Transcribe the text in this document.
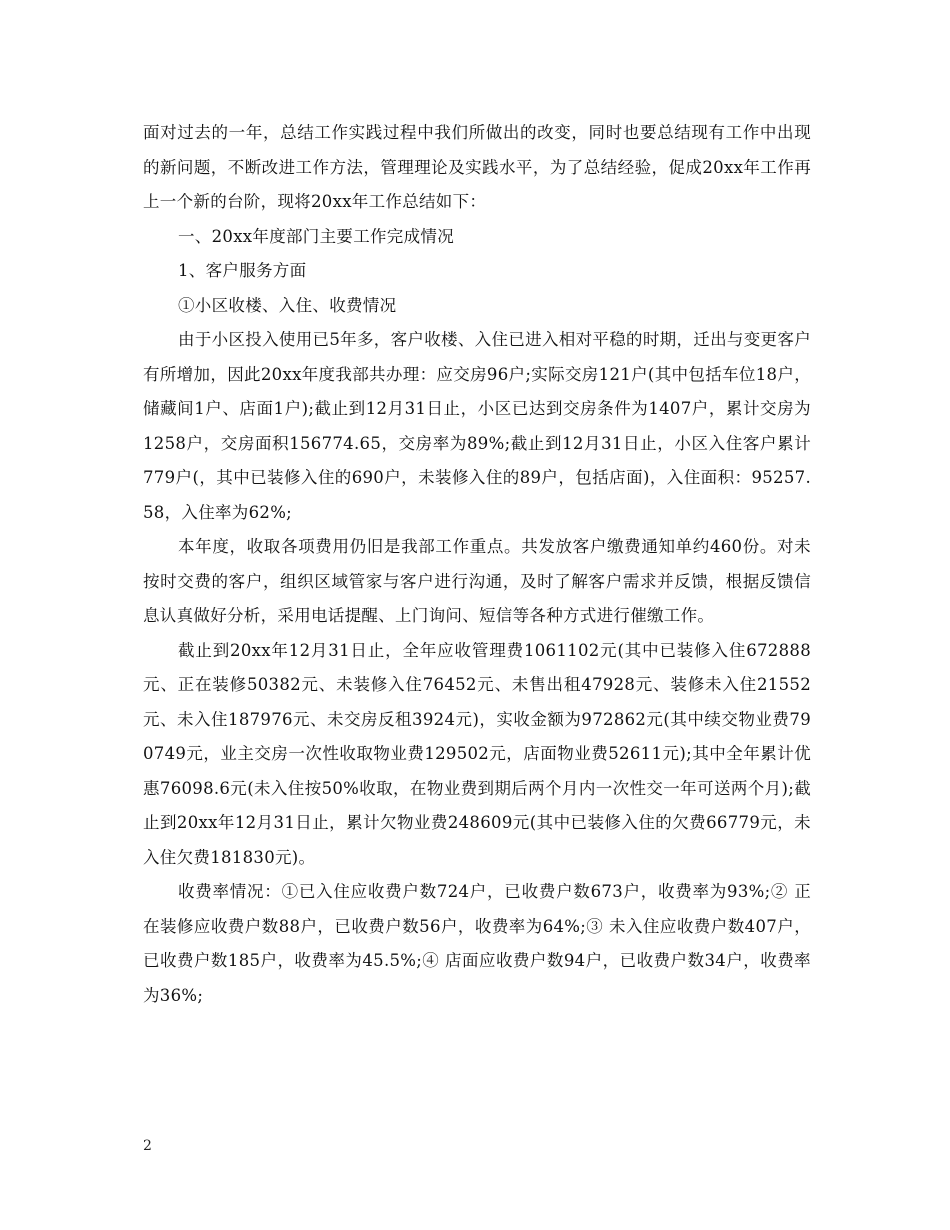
面对过去的一年，总结工作实践过程中我们所做出的改变，同时也要总结现有工作中出现的新问题，不断改进工作方法，管理理论及实践水平，为了总结经验，促成20xx年工作再上一个新的台阶，现将20xx年工作总结如下：

一、20xx年度部门主要工作完成情况

1、客户服务方面

①小区收楼、入住、收费情况

由于小区投入使用已5年多，客户收楼、入住已进入相对平稳的时期，迁出与变更客户有所增加，因此20xx年度我部共办理：应交房96户;实际交房121户(其中包括车位18户，储藏间1户、店面1户);截止到12月31日止，小区已达到交房条件为1407户，累计交房为1258户，交房面积156774.65，交房率为89%;截止到12月31日止，小区入住客户累计779户(，其中已装修入住的690户，未装修入住的89户，包括店面)，入住面积：95257.58，入住率为62%;

本年度，收取各项费用仍旧是我部工作重点。共发放客户缴费通知单约460份。对未按时交费的客户，组织区域管家与客户进行沟通，及时了解客户需求并反馈，根据反馈信息认真做好分析，采用电话提醒、上门询问、短信等各种方式进行催缴工作。

截止到20xx年12月31日止，全年应收管理费1061102元(其中已装修入住672888元、正在装修50382元、未装修入住76452元、未售出租47928元、装修未入住21552元、未入住187976元、未交房反租3924元)，实收金额为972862元(其中续交物业费790749元，业主交房一次性收取物业费129502元，店面物业费52611元);其中全年累计优惠76098.6元(未入住按50%收取，在物业费到期后两个月内一次性交一年可送两个月);截止到20xx年12月31日止，累计欠物业费248609元(其中已装修入住的欠费66779元，未入住欠费181830元)。

收费率情况：①已入住应收费户数724户，已收费户数673户，收费率为93%;② 正在装修应收费户数88户，已收费户数56户，收费率为64%;③ 未入住应收费户数407户，已收费户数185户，收费率为45.5%;④ 店面应收费户数94户，已收费户数34户，收费率为36%;

2
